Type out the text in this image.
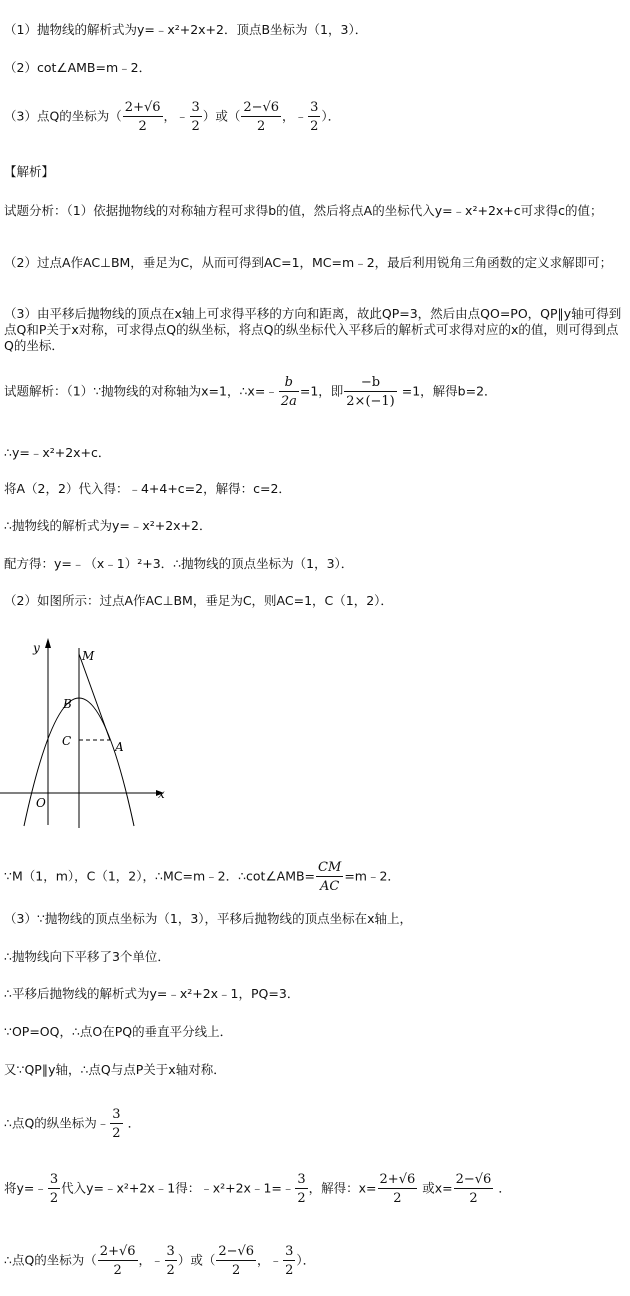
（1）抛物线的解析式为y=﹣x²+2x+2．顶点B坐标为（1，3）．
（2）cot∠AMB=m﹣2．
（3）点Q的坐标为（ $\frac{2+√6}{2}$ ，﹣ $\frac{3}{2}$ ）或（ $\frac{2-√6}{2}$ ，﹣ $\frac{3}{2}$ ）．
【解析】
试题分析：（1）依据抛物线的对称轴方程可求得b的值，然后将点A的坐标代入y=﹣x²+2x+c可求得c的值；
（2）过点A作AC⊥BM，垂足为C，从而可得到AC=1，MC=m﹣2，最后利用锐角三角函数的定义求解即可；
（3）由平移后抛物线的顶点在x轴上可求得平移的方向和距离，故此QP=3，然后由点QO=PO，QP∥y轴可得到点Q和P关于x对称，可求得点Q的纵坐标，将点Q的纵坐标代入平移后的解析式可求得对应的x的值，则可得到点Q的坐标．
试题解析：（1）∵抛物线的对称轴为x=1，∴x=﹣ $\frac{b}{2a} =1$，即 $\frac{-b}{2\times(-1)} =1$，解得b=2．
∴y=﹣x²+2x+c．
将A（2，2）代入得：﹣4+4+c=2，解得：c=2．
∴抛物线的解析式为y=﹣x²+2x+2．
配方得：y=﹣（x﹣1）²+3．∴抛物线的顶点坐标为（1，3）．
（2）如图所示：过点A作AC⊥BM，垂足为C，则AC=1，C（1，2）．
y
x
M
B
C	A
O
∵M（1，m），C（1，2），∴MC=m﹣2．∴cot∠AMB= $\frac{CM}{AC}$ =m﹣2．
（3）∵抛物线的顶点坐标为（1，3），平移后抛物线的顶点坐标在x轴上，
∴抛物线向下平移了3个单位．
∴平移后抛物线的解析式为y=﹣x²+2x﹣1，PQ=3．
∵OP=OQ，∴点O在PQ的垂直平分线上．
又∵QP∥y轴，∴点Q与点P关于x轴对称．
∴点Q的纵坐标为﹣ $\frac{3}{2}$ ．
将y=﹣ $\frac{3}{2}$ 代入y=﹣x²+2x﹣1得：﹣x²+2x﹣1=﹣ $\frac{3}{2}$ ，解得：$x= \frac{2+√6}{2}$ 或$x= \frac{2-√6}{2}$ ．
∴点Q的坐标为（ $\frac{2+√6}{2}$ ，﹣ $\frac{3}{2}$ ）或（ $\frac{2-√6}{2}$ ，﹣ $\frac{3}{2}$ ）．
